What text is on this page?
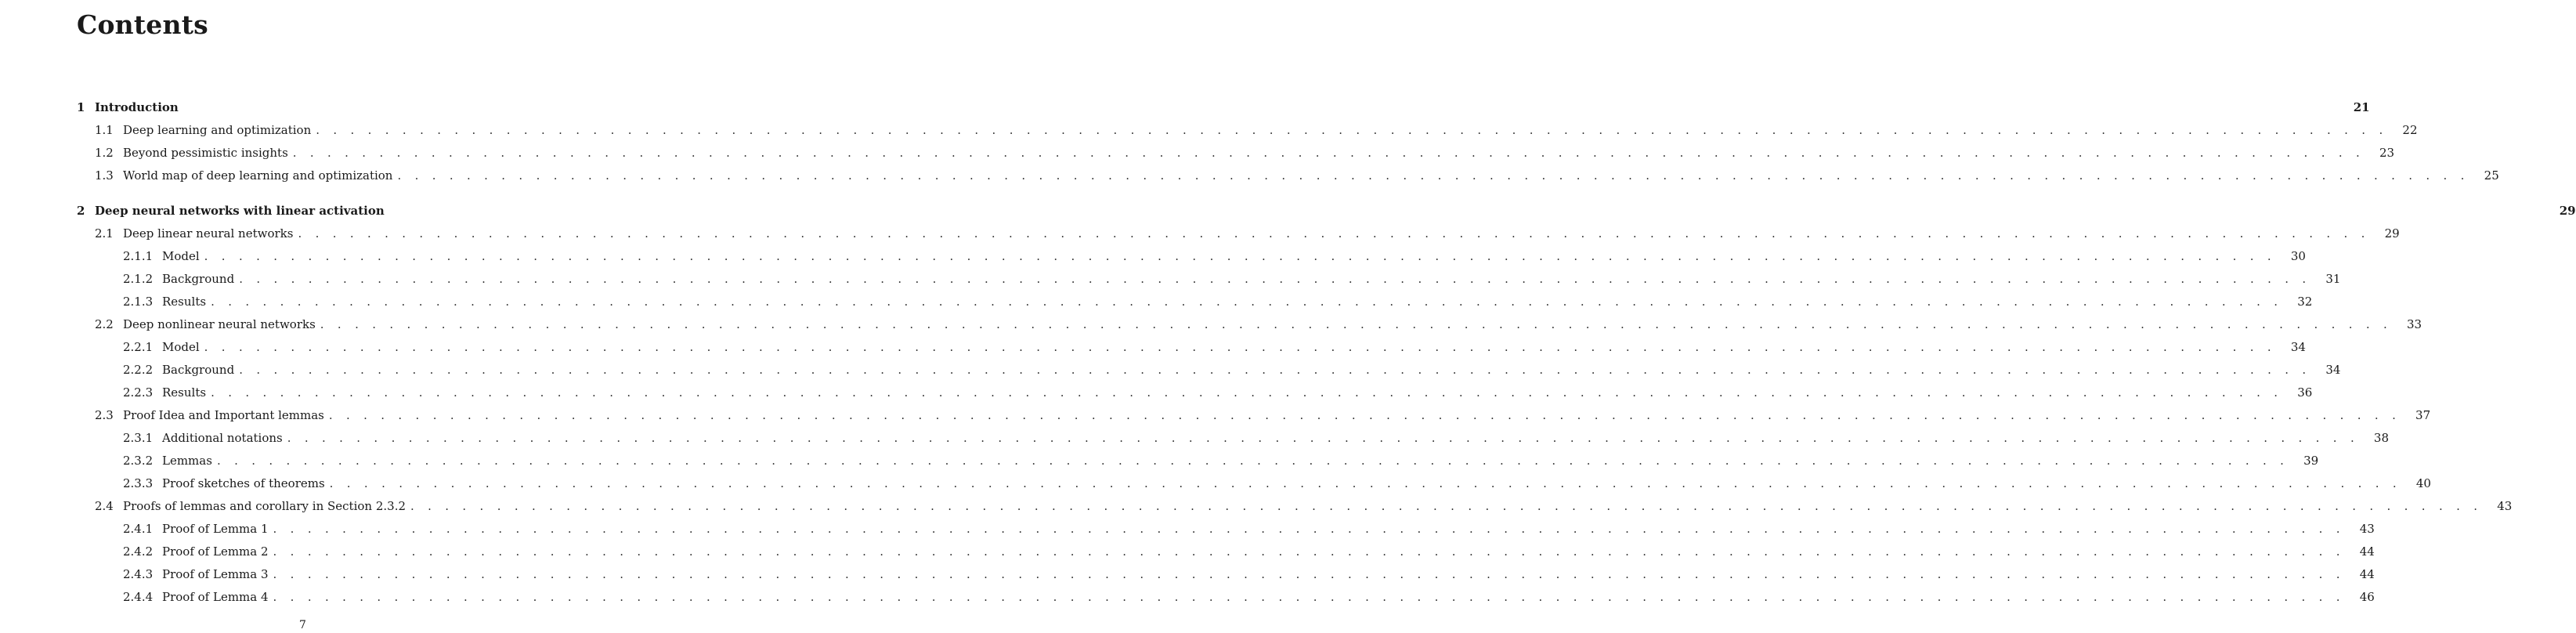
Contents
1 Introduction	21
1.1 Deep learning and optimization . . . . . . . . . . . . . . . . . . . . . . . . . . . . . . . . . . . . . . . . . . . . . . . . . . . . . . . . . . . . . . . . . . . . . . . . . . . . . . . . . . . . . . . . . . . . . . . . . . . . . . . . . . . . . . . . . . . . . . . .	22
1.2 Beyond pessimistic insights . . . . . . . . . . . . . . . . . . . . . . . . . . . . . . . . . . . . . . . . . . . . . . . . . . . . . . . . . . . . . . . . . . . . . . . . . . . . . . . . . . . . . . . . . . . . . . . . . . . . . . . . . . . . . . . . . . . . . . . .	23
1.3 World map of deep learning and optimization . . . . . . . . . . . . . . . . . . . . . . . . . . . . . . . . . . . . . . . . . . . . . . . . . . . . . . . . . . . . . . . . . . . . . . . . . . . . . . . . . . . . . . . . . . . . . . . . . . . . . . . . . . . . . . . . . . . . . . . .	25
2 Deep neural networks with linear activation	29
2.1 Deep linear neural networks . . . . . . . . . . . . . . . . . . . . . . . . . . . . . . . . . . . . . . . . . . . . . . . . . . . . . . . . . . . . . . . . . . . . . . . . . . . . . . . . . . . . . . . . . . . . . . . . . . . . . . . . . . . . . . . . . . . . . . . .	29
2.1.1 Model . . . . . . . . . . . . . . . . . . . . . . . . . . . . . . . . . . . . . . . . . . . . . . . . . . . . . . . . . . . . . . . . . . . . . . . . . . . . . . . . . . . . . . . . . . . . . . . . . . . . . . . . . . . . . . . . . . . . . . . .	30
2.1.2 Background . . . . . . . . . . . . . . . . . . . . . . . . . . . . . . . . . . . . . . . . . . . . . . . . . . . . . . . . . . . . . . . . . . . . . . . . . . . . . . . . . . . . . . . . . . . . . . . . . . . . . . . . . . . . . . . . . . . . . . . .	31
2.1.3 Results . . . . . . . . . . . . . . . . . . . . . . . . . . . . . . . . . . . . . . . . . . . . . . . . . . . . . . . . . . . . . . . . . . . . . . . . . . . . . . . . . . . . . . . . . . . . . . . . . . . . . . . . . . . . . . . . . . . . . . . .	32
2.2 Deep nonlinear neural networks . . . . . . . . . . . . . . . . . . . . . . . . . . . . . . . . . . . . . . . . . . . . . . . . . . . . . . . . . . . . . . . . . . . . . . . . . . . . . . . . . . . . . . . . . . . . . . . . . . . . . . . . . . . . . . . . . . . . . . . .	33
2.2.1 Model . . . . . . . . . . . . . . . . . . . . . . . . . . . . . . . . . . . . . . . . . . . . . . . . . . . . . . . . . . . . . . . . . . . . . . . . . . . . . . . . . . . . . . . . . . . . . . . . . . . . . . . . . . . . . . . . . . . . . . . .	34
2.2.2 Background . . . . . . . . . . . . . . . . . . . . . . . . . . . . . . . . . . . . . . . . . . . . . . . . . . . . . . . . . . . . . . . . . . . . . . . . . . . . . . . . . . . . . . . . . . . . . . . . . . . . . . . . . . . . . . . . . . . . . . . .	34
2.2.3 Results . . . . . . . . . . . . . . . . . . . . . . . . . . . . . . . . . . . . . . . . . . . . . . . . . . . . . . . . . . . . . . . . . . . . . . . . . . . . . . . . . . . . . . . . . . . . . . . . . . . . . . . . . . . . . . . . . . . . . . . .	36
2.3 Proof Idea and Important lemmas . . . . . . . . . . . . . . . . . . . . . . . . . . . . . . . . . . . . . . . . . . . . . . . . . . . . . . . . . . . . . . . . . . . . . . . . . . . . . . . . . . . . . . . . . . . . . . . . . . . . . . . . . . . . . . . . . . . . . . . .	37
2.3.1 Additional notations . . . . . . . . . . . . . . . . . . . . . . . . . . . . . . . . . . . . . . . . . . . . . . . . . . . . . . . . . . . . . . . . . . . . . . . . . . . . . . . . . . . . . . . . . . . . . . . . . . . . . . . . . . . . . . . . . . . . . . . .	38
2.3.2 Lemmas . . . . . . . . . . . . . . . . . . . . . . . . . . . . . . . . . . . . . . . . . . . . . . . . . . . . . . . . . . . . . . . . . . . . . . . . . . . . . . . . . . . . . . . . . . . . . . . . . . . . . . . . . . . . . . . . . . . . . . . .	39
2.3.3 Proof sketches of theorems . . . . . . . . . . . . . . . . . . . . . . . . . . . . . . . . . . . . . . . . . . . . . . . . . . . . . . . . . . . . . . . . . . . . . . . . . . . . . . . . . . . . . . . . . . . . . . . . . . . . . . . . . . . . . . . . . . . . . . . .	40
2.4 Proofs of lemmas and corollary in Section 2.3.2 . . . . . . . . . . . . . . . . . . . . . . . . . . . . . . . . . . . . . . . . . . . . . . . . . . . . . . . . . . . . . . . . . . . . . . . . . . . . . . . . . . . . . . . . . . . . . . . . . . . . . . . . . . . . . . . . . . . . . . . .	43
2.4.1 Proof of Lemma 1 . . . . . . . . . . . . . . . . . . . . . . . . . . . . . . . . . . . . . . . . . . . . . . . . . . . . . . . . . . . . . . . . . . . . . . . . . . . . . . . . . . . . . . . . . . . . . . . . . . . . . . . . . . . . . . . . . . . . . . . .	43
2.4.2 Proof of Lemma 2 . . . . . . . . . . . . . . . . . . . . . . . . . . . . . . . . . . . . . . . . . . . . . . . . . . . . . . . . . . . . . . . . . . . . . . . . . . . . . . . . . . . . . . . . . . . . . . . . . . . . . . . . . . . . . . . . . . . . . . . .	44
2.4.3 Proof of Lemma 3 . . . . . . . . . . . . . . . . . . . . . . . . . . . . . . . . . . . . . . . . . . . . . . . . . . . . . . . . . . . . . . . . . . . . . . . . . . . . . . . . . . . . . . . . . . . . . . . . . . . . . . . . . . . . . . . . . . . . . . . .	44
2.4.4 Proof of Lemma 4 . . . . . . . . . . . . . . . . . . . . . . . . . . . . . . . . . . . . . . . . . . . . . . . . . . . . . . . . . . . . . . . . . . . . . . . . . . . . . . . . . . . . . . . . . . . . . . . . . . . . . . . . . . . . . . . . . . . . . . . .	46
7
